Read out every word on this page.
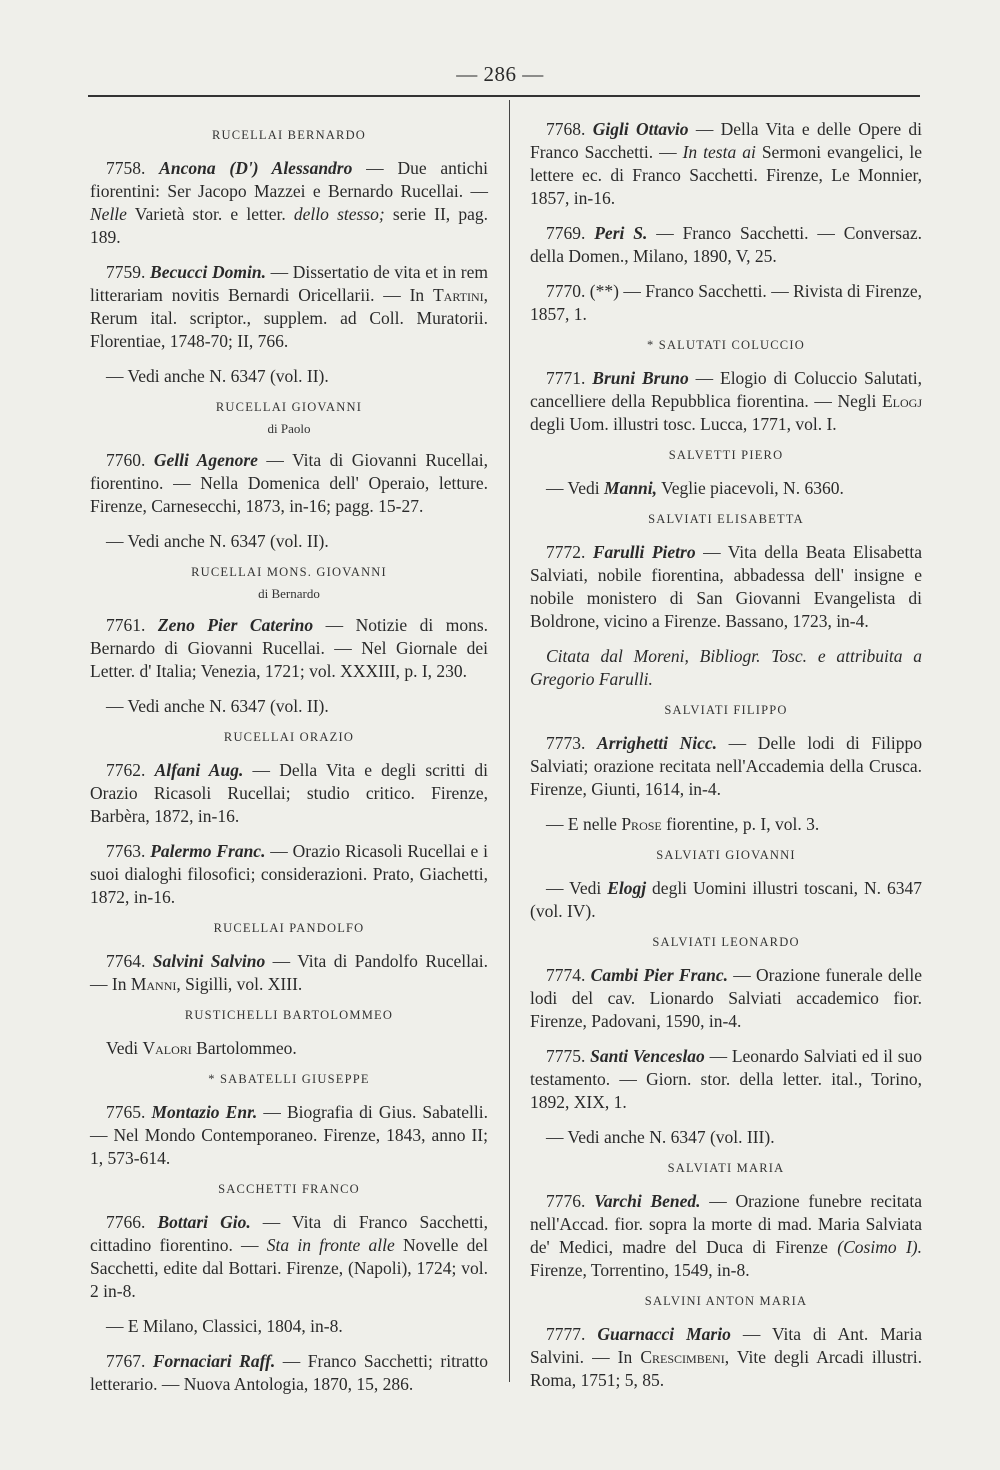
— 286 —
RUCELLAI BERNARDO

7758. Ancona (D') Alessandro — Due antichi fiorentini: Ser Jacopo Mazzei e Bernardo Rucellai. — Nelle Varietà stor. e letter. dello stesso; serie II, pag. 189.

7759. Becucci Domin. — Dissertatio de vita et in rem litterariam novitis Bernardi Oricellarii. — In Tartini, Rerum ital. scriptor., supplem. ad Coll. Muratorii. Florentiae, 1748-70; II, 766.

— Vedi anche N. 6347 (vol. II).

RUCELLAI GIOVANNI
di Paolo

7760. Gelli Agenore — Vita di Giovanni Rucellai, fiorentino. — Nella Domenica dell' Operaio, letture. Firenze, Carnesecchi, 1873, in-16; pagg. 15-27.

— Vedi anche N. 6347 (vol. II).

RUCELLAI MONS. GIOVANNI
di Bernardo

7761. Zeno Pier Caterino — Notizie di mons. Bernardo di Giovanni Rucellai. — Nel Giornale dei Letter. d' Italia; Venezia, 1721; vol. XXXIII, p. I, 230.

— Vedi anche N. 6347 (vol. II).

RUCELLAI ORAZIO

7762. Alfani Aug. — Della Vita e degli scritti di Orazio Ricasoli Rucellai; studio critico. Firenze, Barbèra, 1872, in-16.

7763. Palermo Franc. — Orazio Ricasoli Rucellai e i suoi dialoghi filosofici; considerazioni. Prato, Giachetti, 1872, in-16.

RUCELLAI PANDOLFO

7764. Salvini Salvino — Vita di Pandolfo Rucellai. — In Manni, Sigilli, vol. XIII.

RUSTICHELLI BARTOLOMMEO

Vedi Valori Bartolommeo.

* SABATELLI GIUSEPPE

7765. Montazio Enr. — Biografia di Gius. Sabatelli. — Nel Mondo Contemporaneo. Firenze, 1843, anno II; 1, 573-614.

SACCHETTI FRANCO

7766. Bottari Gio. — Vita di Franco Sacchetti, cittadino fiorentino. — Sta in fronte alle Novelle del Sacchetti, edite dal Bottari. Firenze, (Napoli), 1724; vol. 2 in-8.

— E Milano, Classici, 1804, in-8.

7767. Fornaciari Raff. — Franco Sacchetti; ritratto letterario. — Nuova Antologia, 1870, 15, 286.

7768. Gigli Ottavio — Della Vita e delle Opere di Franco Sacchetti. — In testa ai Sermoni evangelici, le lettere ec. di Franco Sacchetti. Firenze, Le Monnier, 1857, in-16.

7769. Peri S. — Franco Sacchetti. — Conversaz. della Domen., Milano, 1890, V, 25.

7770. (**) — Franco Sacchetti. — Rivista di Firenze, 1857, 1.

* SALUTATI COLUCCIO

7771. Bruni Bruno — Elogio di Coluccio Salutati, cancelliere della Repubblica fiorentina. — Negli Elogj degli Uom. illustri tosc. Lucca, 1771, vol. I.

SALVETTI PIERO

— Vedi Manni, Veglie piacevoli, N. 6360.

SALVIATI ELISABETTA

7772. Farulli Pietro — Vita della Beata Elisabetta Salviati, nobile fiorentina, abbadessa dell' insigne e nobile monistero di San Giovanni Evangelista di Boldrone, vicino a Firenze. Bassano, 1723, in-4.

Citata dal Moreni, Bibliogr. Tosc. e attribuita a Gregorio Farulli.

SALVIATI FILIPPO

7773. Arrighetti Nicc. — Delle lodi di Filippo Salviati; orazione recitata nell'Accademia della Crusca. Firenze, Giunti, 1614, in-4.

— E nelle Prose fiorentine, p. I, vol. 3.

SALVIATI GIOVANNI

— Vedi Elogj degli Uomini illustri toscani, N. 6347 (vol. IV).

SALVIATI LEONARDO

7774. Cambi Pier Franc. — Orazione funerale delle lodi del cav. Lionardo Salviati accademico fior. Firenze, Padovani, 1590, in-4.

7775. Santi Venceslao — Leonardo Salviati ed il suo testamento. — Giorn. stor. della letter. ital., Torino, 1892, XIX, 1.

— Vedi anche N. 6347 (vol. III).

SALVIATI MARIA

7776. Varchi Bened. — Orazione funebre recitata nell'Accad. fior. sopra la morte di mad. Maria Salviata de' Medici, madre del Duca di Firenze (Cosimo I). Firenze, Torrentino, 1549, in-8.

SALVINI ANTON MARIA

7777. Guarnacci Mario — Vita di Ant. Maria Salvini. — In Crescimbeni, Vite degli Arcadi illustri. Roma, 1751; 5, 85.
